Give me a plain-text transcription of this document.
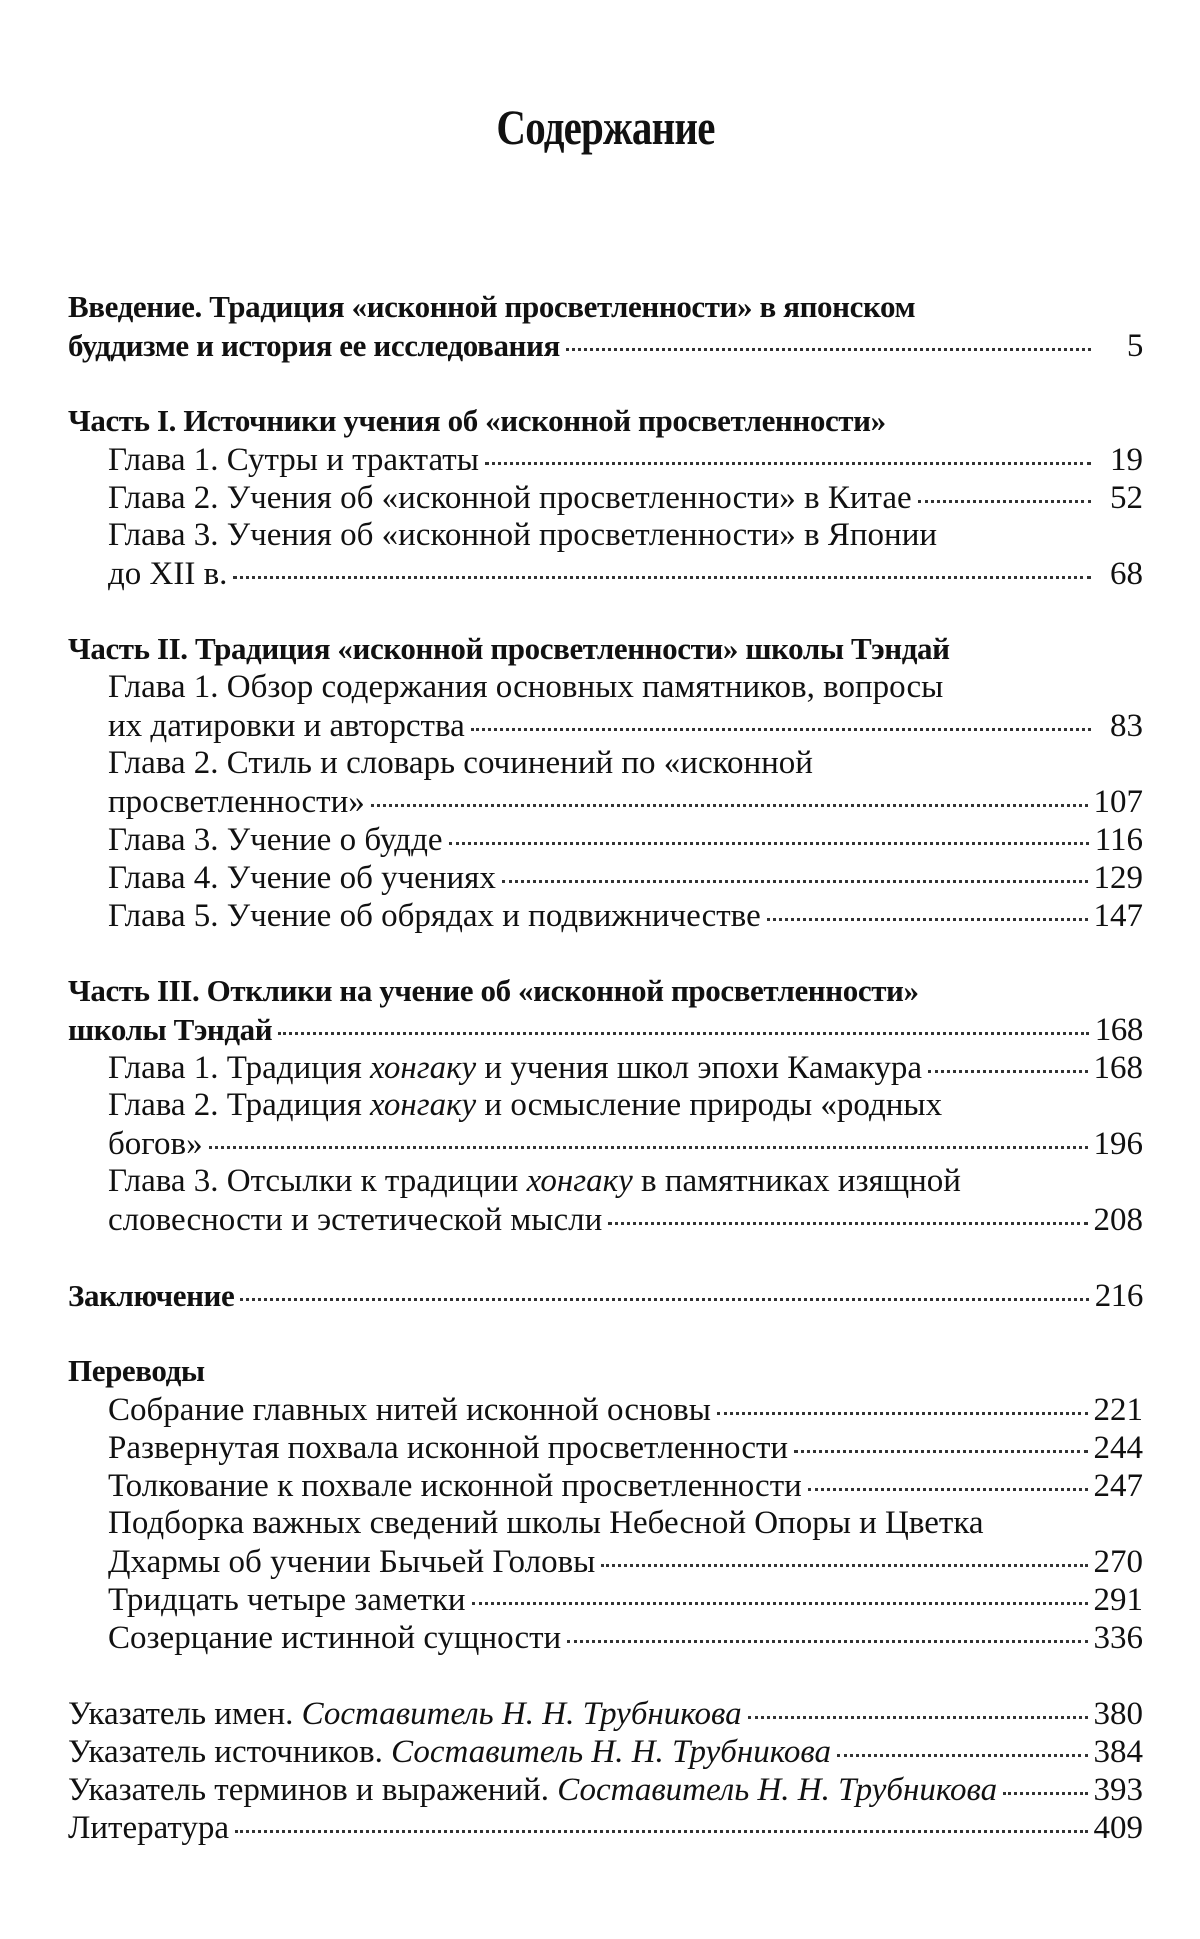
Содержание
Введение. Традиция «исконной просветленности» в японском
буддизме и история ее исследования	5
Часть I. Источники учения об «исконной просветленности»
Глава 1. Сутры и трактаты	19
Глава 2. Учения об «исконной просветленности» в Китае	52
Глава 3. Учения об «исконной просветленности» в Японии
до XII в.	68
Часть II. Традиция «исконной просветленности» школы Тэндай
Глава 1. Обзор содержания основных памятников, вопросы
их датировки и авторства	83
Глава 2. Стиль и словарь сочинений по «исконной
просветленности»	107
Глава 3. Учение о будде	116
Глава 4. Учение об учениях	129
Глава 5. Учение об обрядах и подвижничестве	147
Часть III. Отклики на учение об «исконной просветленности»
школы Тэндай	168
Глава 1. Традиция хонгаку и учения школ эпохи Камакура	168
Глава 2. Традиция хонгаку и осмысление природы «родных
богов»	196
Глава 3. Отсылки к традиции хонгаку в памятниках изящной
словесности и эстетической мысли	208
Заключение	216
Переводы
Собрание главных нитей исконной основы	221
Развернутая похвала исконной просветленности	244
Толкование к похвале исконной просветленности	247
Подборка важных сведений школы Небесной Опоры и Цветка
Дхармы об учении Бычьей Головы	270
Тридцать четыре заметки	291
Созерцание истинной сущности	336
Указатель имен. Составитель Н. Н. Трубникова	380
Указатель источников. Составитель Н. Н. Трубникова	384
Указатель терминов и выражений. Составитель Н. Н. Трубникова	393
Литература	409
